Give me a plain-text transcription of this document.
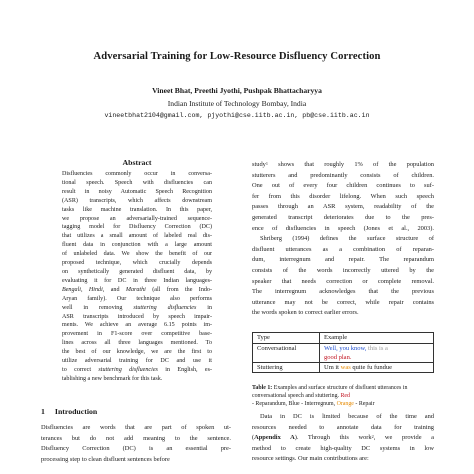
Adversarial Training for Low-Resource Disfluency Correction
Vineet Bhat, Preethi Jyothi, Pushpak Bhattacharyya
Indian Institute of Technology Bombay, India
vineetbhat2104@gmail.com, pjyothi@cse.iitb.ac.in, pb@cse.iitb.ac.in
Abstract
Disfluencies commonly occur in conversa-
tional speech. Speech with disfluencies can
result in noisy Automatic Speech Recognition
(ASR) transcripts, which affects downstream
tasks like machine translation. In this paper,
we propose an adversarially-trained sequence-
tagging model for Disfluency Correction (DC)
that utilizes a small amount of labeled real dis-
fluent data in conjunction with a large amount
of unlabeled data. We show the benefit of our
proposed technique, which crucially depends
on synthetically generated disfluent data, by
evaluating it for DC in three Indian languages-
Bengali, Hindi, and Marathi (all from the Indo-
Aryan family). Our technique also performs
well in removing stuttering disfluencies in
ASR transcripts introduced by speech impair-
ments. We achieve an average 6.15 points im-
provement in F1-score over competitive base-
lines across all three languages mentioned. To
the best of our knowledge, we are the first to
utilize adversarial training for DC and use it
to correct stuttering disfluencies in English, es-
tablishing a new benchmark for this task.
1 Introduction
Disfluencies are words that are part of spoken ut-
terances but do not add meaning to the sentence.
Disfluency Correction (DC) is an essential pre-
processing step to clean disfluent sentences before
study$^1$ shows that roughly 1% of the population
stutterers and predominantly consists of children.
One out of every four children continues to suf-
fer from this disorder lifelong. When such speech
passes through an ASR system, readability of the
generated transcript deteriorates due to the pres-
ence of disfluencies in speech (Jones et al., 2003).
Shriberg (1994) defines the surface structure of
disfluent utterances as a combination of reparan-
dum, interregnum and repair. The reparandum
consists of the words incorrectly uttered by the
speaker that needs correction or complete removal.
The interregnum acknowledges that the previous
utterance may not be correct, while repair contains
the words spoken to correct earlier errors.
Type	Example
Conversational	Well, you know, this is a
good plan.
Stuttering	Um it was quite fu fundue
Table 1: Examples and surface structure of disfluent utterances in conversational speech and stuttering. Red
- Reparandum, Blue - Interregnum, Orange - Repair
Data in DC is limited because of the time and
resources needed to annotate data for training
(Appendix A). Through this work$^2$, we provide a
method to create high-quality DC systems in low
resource settings. Our main contributions are:
